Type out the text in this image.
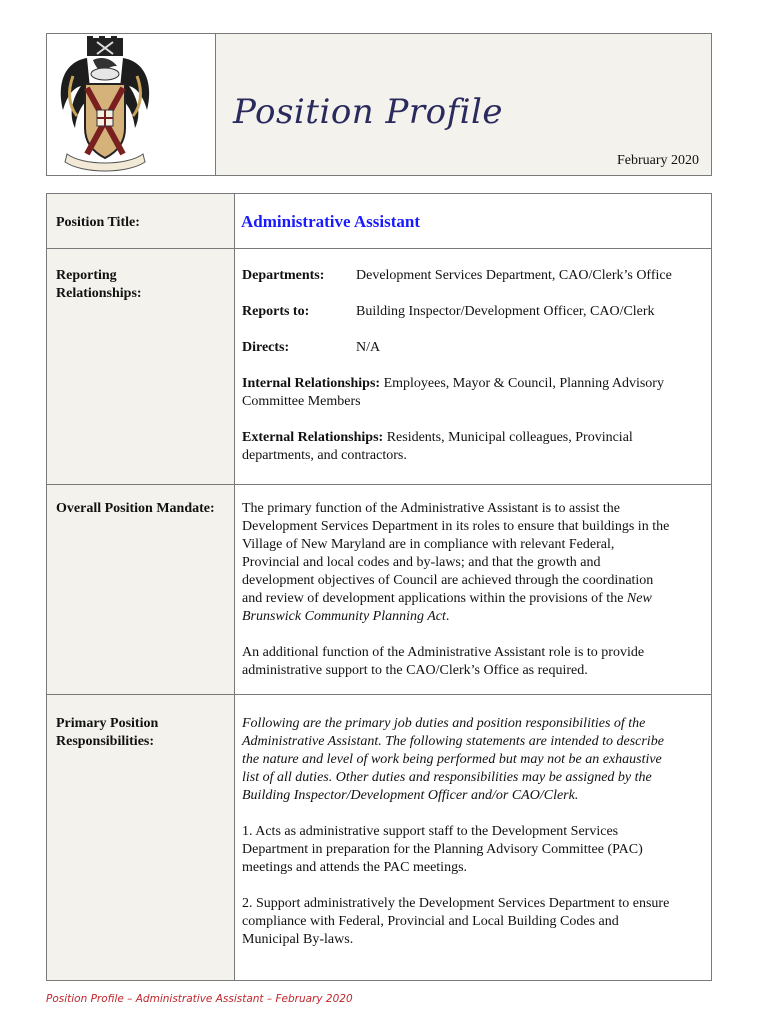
Position Profile
February 2020
Position Title:	Administrative Assistant
Reporting
Relationships:
Departments: Development Services Department, CAO/Clerk’s Office
Reports to:	Building Inspector/Development Officer, CAO/Clerk
Directs:	N/A
Internal Relationships: Employees, Mayor & Council, Planning Advisory
Committee Members
External Relationships: Residents, Municipal colleagues, Provincial
departments, and contractors.
Overall Position Mandate: The primary function of the Administrative Assistant is to assist the
Development Services Department in its roles to ensure that buildings in the
Village of New Maryland are in compliance with relevant Federal,
Provincial and local codes and by-laws; and that the growth and
development objectives of Council are achieved through the coordination
and review of development applications within the provisions of the New
Brunswick Community Planning Act.
An additional function of the Administrative Assistant role is to provide
administrative support to the CAO/Clerk’s Office as required.
Primary Position
Responsibilities:
Following are the primary job duties and position responsibilities of the
Administrative Assistant. The following statements are intended to describe
the nature and level of work being performed but may not be an exhaustive
list of all duties. Other duties and responsibilities may be assigned by the
Building Inspector/Development Officer and/or CAO/Clerk.
1. Acts as administrative support staff to the Development Services
Department in preparation for the Planning Advisory Committee (PAC)
meetings and attends the PAC meetings.
2. Support administratively the Development Services Department to ensure
compliance with Federal, Provincial and Local Building Codes and
Municipal By-laws.
Position Profile – Administrative Assistant – February 2020
